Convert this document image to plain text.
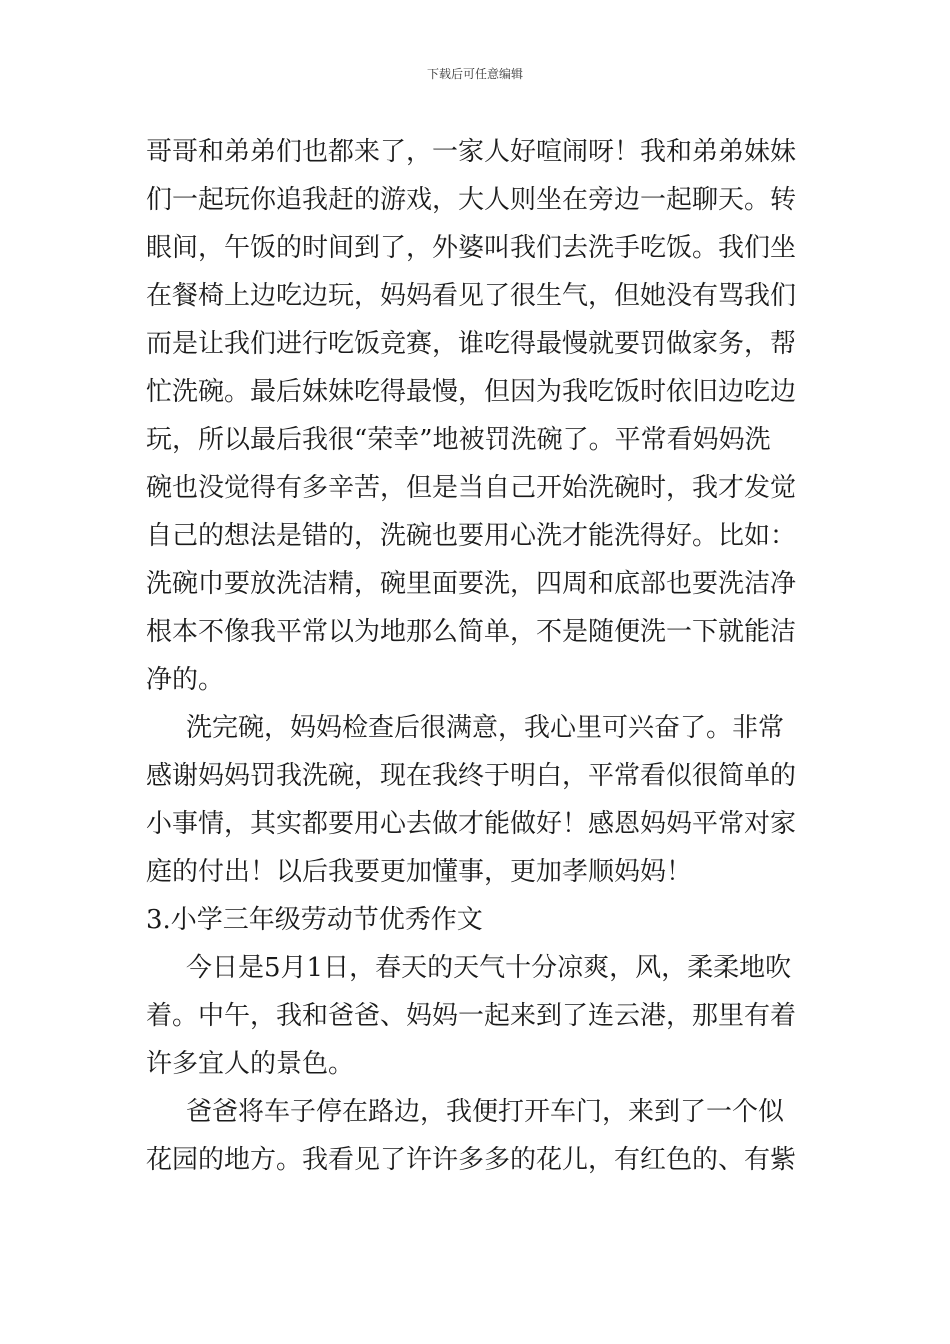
下载后可任意编辑
哥哥和弟弟们也都来了，一家人好喧闹呀！我和弟弟妹妹
们一起玩你追我赶的游戏，大人则坐在旁边一起聊天。转
眼间，午饭的时间到了，外婆叫我们去洗手吃饭。我们坐
在餐椅上边吃边玩，妈妈看见了很生气，但她没有骂我们
而是让我们进行吃饭竞赛，谁吃得最慢就要罚做家务，帮
忙洗碗。最后妹妹吃得最慢，但因为我吃饭时依旧边吃边
玩，所以最后我很“荣幸”地被罚洗碗了。平常看妈妈洗
碗也没觉得有多辛苦，但是当自己开始洗碗时，我才发觉
自己的想法是错的，洗碗也要用心洗才能洗得好。比如：
洗碗巾要放洗洁精，碗里面要洗，四周和底部也要洗洁净
根本不像我平常以为地那么简单，不是随便洗一下就能洁
净的。
洗完碗，妈妈检查后很满意，我心里可兴奋了。非常
感谢妈妈罚我洗碗，现在我终于明白，平常看似很简单的
小事情，其实都要用心去做才能做好！感恩妈妈平常对家
庭的付出！以后我要更加懂事，更加孝顺妈妈！
3.小学三年级劳动节优秀作文
今日是5月1日，春天的天气十分凉爽，风，柔柔地吹
着。中午，我和爸爸、妈妈一起来到了连云港，那里有着
许多宜人的景色。
爸爸将车子停在路边，我便打开车门，来到了一个似
花园的地方。我看见了许许多多的花儿，有红色的、有紫
